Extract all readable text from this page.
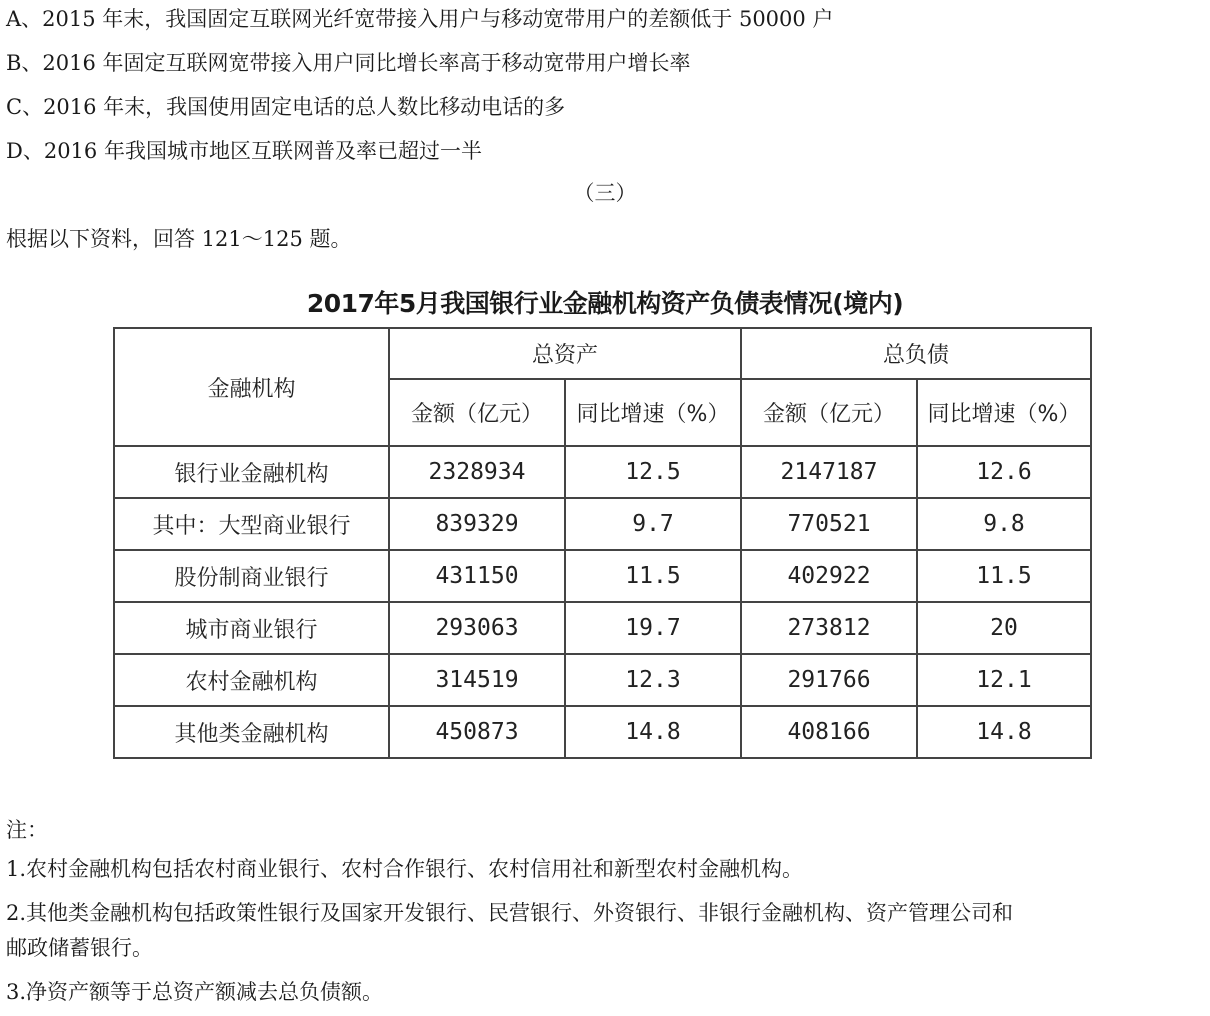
A、2015 年末，我国固定互联网光纤宽带接入用户与移动宽带用户的差额低于 50000 户
B、2016 年固定互联网宽带接入用户同比增长率高于移动宽带用户增长率
C、2016 年末，我国使用固定电话的总人数比移动电话的多
D、2016 年我国城市地区互联网普及率已超过一半
（三）
根据以下资料，回答 121～125 题。
2017年5月我国银行业金融机构资产负债表情况(境内)
金融机构	总资产		总负债	
	金额（亿元）	同比增速（%）	金额（亿元）	同比增速（%）
银行业金融机构	2328934	12.5	2147187	12.6
其中：大型商业银行	839329	9.7	770521	9.8
股份制商业银行	431150	11.5	402922	11.5
城市商业银行	293063	19.7	273812	20
农村金融机构	314519	12.3	291766	12.1
其他类金融机构	450873	14.8	408166	14.8
注：
1.农村金融机构包括农村商业银行、农村合作银行、农村信用社和新型农村金融机构。
2.其他类金融机构包括政策性银行及国家开发银行、民营银行、外资银行、非银行金融机构、资产管理公司和
邮政储蓄银行。
3.净资产额等于总资产额减去总负债额。
